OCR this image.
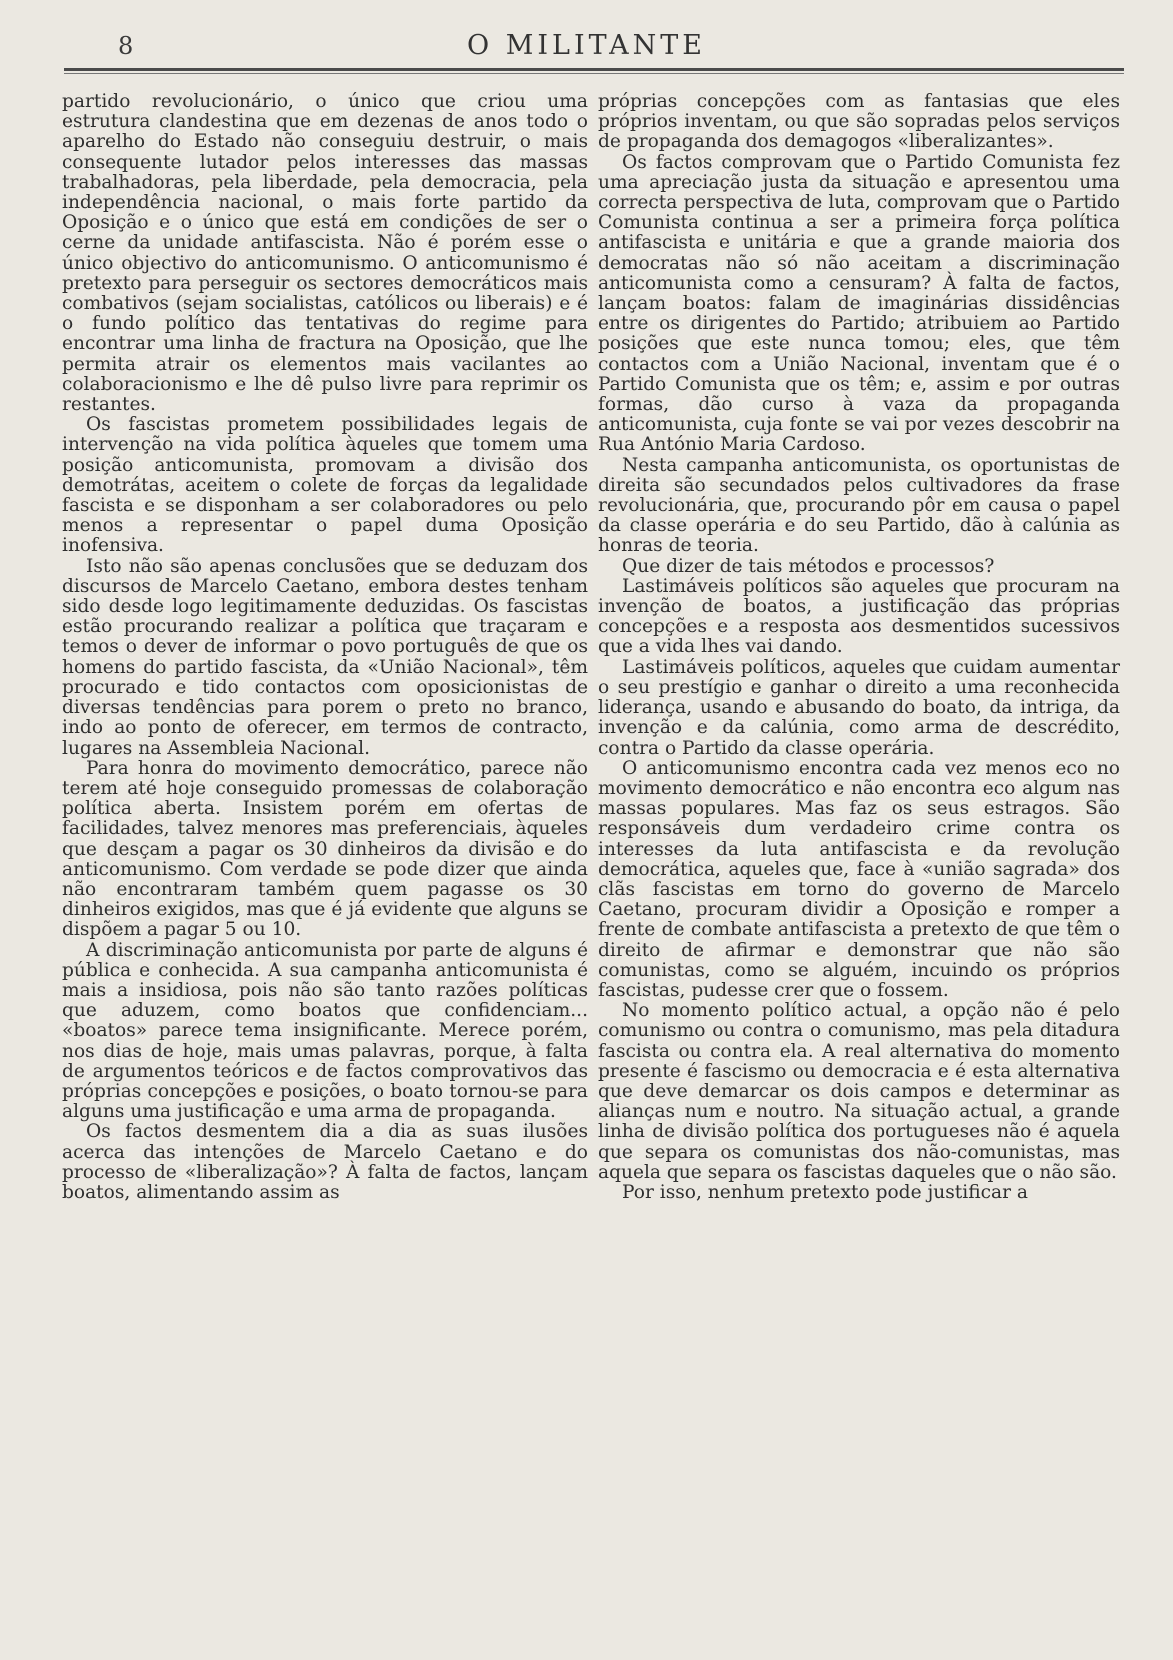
8	O MILITANTE

partido revolucionário, o único que criou uma estrutura clandestina que em dezenas de anos todo o aparelho do Estado não conseguiu destruir, o mais consequente lutador pelos interesses das massas trabalhadoras, pela liberdade, pela democracia, pela independência nacional, o mais forte partido da Oposição e o único que está em condições de ser o cerne da unidade antifascista. Não é porém esse o único objectivo do anticomunismo. O anticomunismo é pretexto para perseguir os sectores democráticos mais combativos (sejam socialistas, católicos ou liberais) e é o fundo político das tentativas do regime para encontrar uma linha de fractura na Oposição, que lhe permita atrair os elementos mais vacilantes ao colaboracionismo e lhe dê pulso livre para reprimir os restantes.

Os fascistas prometem possibilidades legais de intervenção na vida política àqueles que tomem uma posição anticomunista, promovam a divisão dos demotrátas, aceitem o colete de forças da legalidade fascista e se disponham a ser colaboradores ou pelo menos a representar o papel duma Oposição inofensiva.

Isto não são apenas conclusões que se deduzam dos discursos de Marcelo Caetano, embora destes tenham sido desde logo legitimamente deduzidas. Os fascistas estão procurando realizar a política que traçaram e temos o dever de informar o povo português de que os homens do partido fascista, da «União Nacional», têm procurado e tido contactos com oposicionistas de diversas tendências para porem o preto no branco, indo ao ponto de oferecer, em termos de contracto, lugares na Assembleia Nacional.

Para honra do movimento democrático, parece não terem até hoje conseguido promessas de colaboração política aberta. Insistem porém em ofertas de facilidades, talvez menores mas preferenciais, àqueles que desçam a pagar os 30 dinheiros da divisão e do anticomunismo. Com verdade se pode dizer que ainda não encontraram também quem pagasse os 30 dinheiros exigidos, mas que é já evidente que alguns se dispõem a pagar 5 ou 10.

A discriminação anticomunista por parte de alguns é pública e conhecida. A sua campanha anticomunista é mais a insidiosa, pois não são tanto razões políticas que aduzem, como boatos que confidenciam... «boatos» parece tema insignificante. Merece porém, nos dias de hoje, mais umas palavras, porque, à falta de argumentos teóricos e de factos comprovativos das próprias concepções e posições, o boato tornou-se para alguns uma justificação e uma arma de propaganda.

Os factos desmentem dia a dia as suas ilusões acerca das intenções de Marcelo Caetano e do processo de «liberalização»? À falta de factos, lançam boatos, alimentando assim as

próprias concepções com as fantasias que eles próprios inventam, ou que são sopradas pelos serviços de propaganda dos demagogos «liberalizantes».

Os factos comprovam que o Partido Comunista fez uma apreciação justa da situação e apresentou uma correcta perspectiva de luta, comprovam que o Partido Comunista continua a ser a primeira força política antifascista e unitária e que a grande maioria dos democratas não só não aceitam a discriminação anticomunista como a censuram? À falta de factos, lançam boatos: falam de imaginárias dissidências entre os dirigentes do Partido; atribuiem ao Partido posições que este nunca tomou; eles, que têm contactos com a União Nacional, inventam que é o Partido Comunista que os têm; e, assim e por outras formas, dão curso à vaza da propaganda anticomunista, cuja fonte se vai por vezes descobrir na Rua António Maria Cardoso.

Nesta campanha anticomunista, os oportunistas de direita são secundados pelos cultivadores da frase revolucionária, que, procurando pôr em causa o papel da classe operária e do seu Partido, dão à calúnia as honras de teoria.

Que dizer de tais métodos e processos?

Lastimáveis políticos são aqueles que procuram na invenção de boatos, a justificação das próprias concepções e a resposta aos desmentidos sucessivos que a vida lhes vai dando.

Lastimáveis políticos, aqueles que cuidam aumentar o seu prestígio e ganhar o direito a uma reconhecida liderança, usando e abusando do boato, da intriga, da invenção e da calúnia, como arma de descrédito, contra o Partido da classe operária.

O anticomunismo encontra cada vez menos eco no movimento democrático e não encontra eco algum nas massas populares. Mas faz os seus estragos. São responsáveis dum verdadeiro crime contra os interesses da luta antifascista e da revolução democrática, aqueles que, face à «união sagrada» dos clãs fascistas em torno do governo de Marcelo Caetano, procuram dividir a Oposição e romper a frente de combate antifascista a pretexto de que têm o direito de afirmar e demonstrar que não são comunistas, como se alguém, incuindo os próprios fascistas, pudesse crer que o fossem.

No momento político actual, a opção não é pelo comunismo ou contra o comunismo, mas pela ditadura fascista ou contra ela. A real alternativa do momento presente é fascismo ou democracia e é esta alternativa que deve demarcar os dois campos e determinar as alianças num e noutro. Na situação actual, a grande linha de divisão política dos portugueses não é aquela que separa os comunistas dos não-comunistas, mas aquela que separa os fascistas daqueles que o não são.

Por isso, nenhum pretexto pode justificar a
